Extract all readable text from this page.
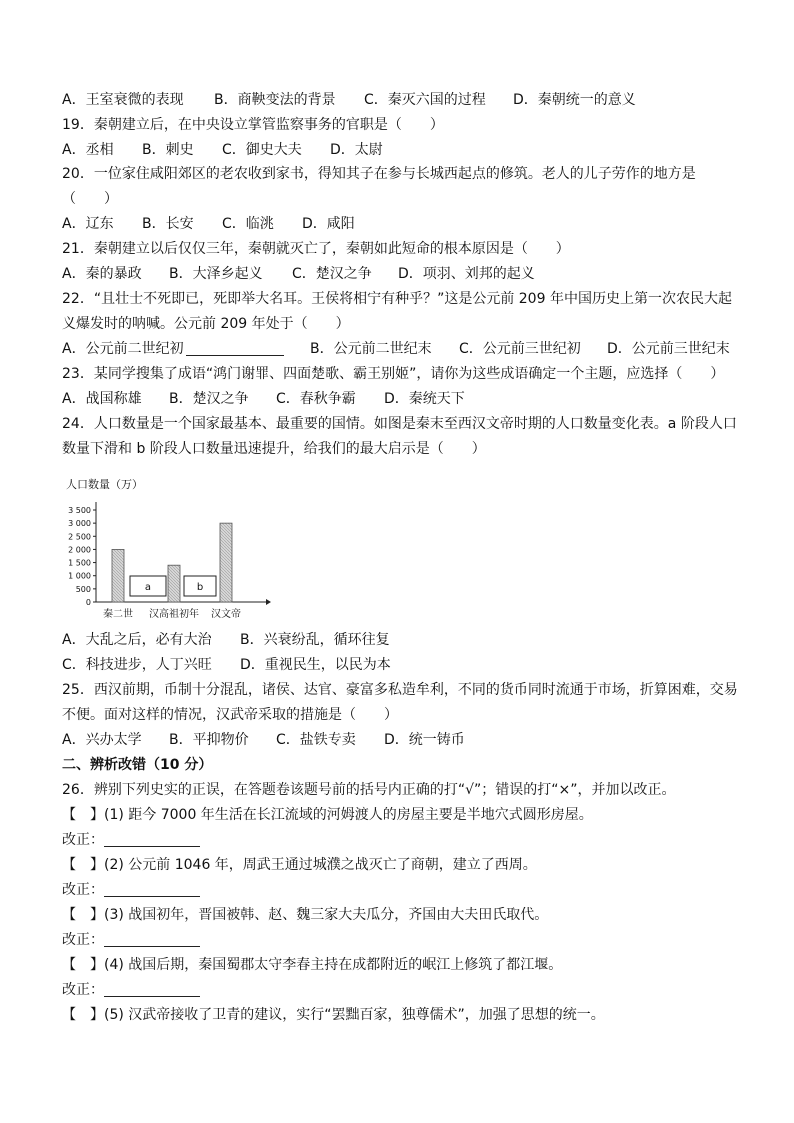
A．王室衰微的表现 B．商鞅变法的背景 C．秦灭六国的过程 D．秦朝统一的意义
19．秦朝建立后，在中央设立掌管监察事务的官职是（　　）
A．丞相 B．刺史 C．御史大夫 D．太尉
20．一位家住咸阳郊区的老农收到家书，得知其子在参与长城西起点的修筑。老人的儿子劳作的地方是
（　　）
A．辽东 B．长安 C．临洮 D．咸阳
21．秦朝建立以后仅仅三年，秦朝就灭亡了，秦朝如此短命的根本原因是（　　）
A．秦的暴政 B．大泽乡起义 C．楚汉之争 D．项羽、刘邦的起义
22．“且壮士不死即已，死即举大名耳。王侯将相宁有种乎？”这是公元前 209 年中国历史上第一次农民大起
义爆发时的呐喊。公元前 209 年处于（　　）
A．公元前二世纪初	B．公元前二世纪末 C．公元前三世纪初 D．公元前三世纪末
23．某同学搜集了成语“鸿门谢罪、四面楚歌、霸王别姬”，请你为这些成语确定一个主题，应选择（　　）
A．战国称雄 B．楚汉之争 C．春秋争霸 D．秦统天下
24．人口数量是一个国家最基本、最重要的国情。如图是秦末至西汉文帝时期的人口数量变化表。a 阶段人口
数量下滑和 b 阶段人口数量迅速提升，给我们的最大启示是（　　）
人口数量（万）
0
500
1 000
1 500
2 000
2 500
3 000
3 500
a	b
秦二世 汉高祖初年 汉文帝
A．大乱之后，必有大治 B．兴衰纷乱，循环往复
C．科技进步，人丁兴旺 D．重视民生，以民为本
25．西汉前期，币制十分混乱，诸侯、达官、豪富多私造牟利，不同的货币同时流通于市场，折算困难，交易
不便。面对这样的情况，汉武帝采取的措施是（　　）
A．兴办太学 B．平抑物价 C．盐铁专卖 D．统一铸币
二、辨析改错（10 分）
26．辨别下列史实的正误，在答题卷该题号前的括号内正确的打“√”；错误的打“×”，并加以改正。
【　】(1) 距今 7000 年生活在长江流域的河姆渡人的房屋主要是半地穴式圆形房屋。
改正：
【　】(2) 公元前 1046 年，周武王通过城濮之战灭亡了商朝，建立了西周。
改正：
【　】(3) 战国初年，晋国被韩、赵、魏三家大夫瓜分，齐国由大夫田氏取代。
改正：
【　】(4) 战国后期，秦国蜀郡太守李春主持在成都附近的岷江上修筑了都江堰。
改正：
【　】(5) 汉武帝接收了卫青的建议，实行“罢黜百家，独尊儒术”，加强了思想的统一。
